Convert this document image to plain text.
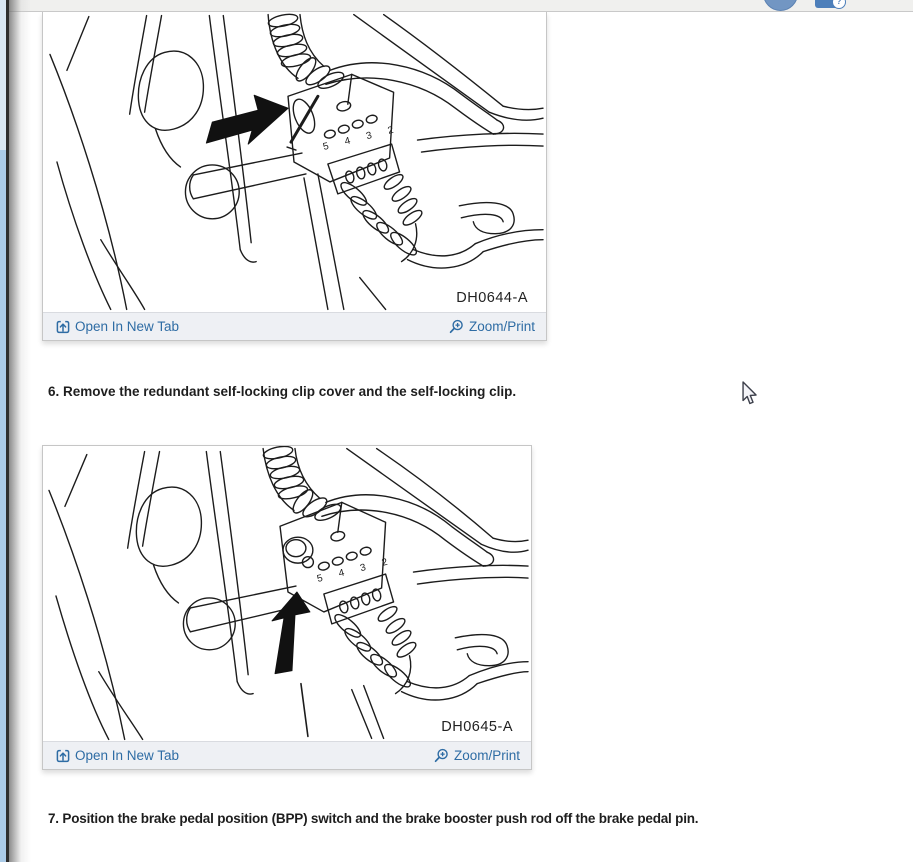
?
5 4 3 2
DH0644-A
Open In New Tab	Zoom/Print
6. Remove the redundant self-locking clip cover and the self-locking clip.
5 4 3 2
DH0645-A
Open In New Tab	Zoom/Print
7. Position the brake pedal position (BPP) switch and the brake booster push rod off the brake pedal pin.
